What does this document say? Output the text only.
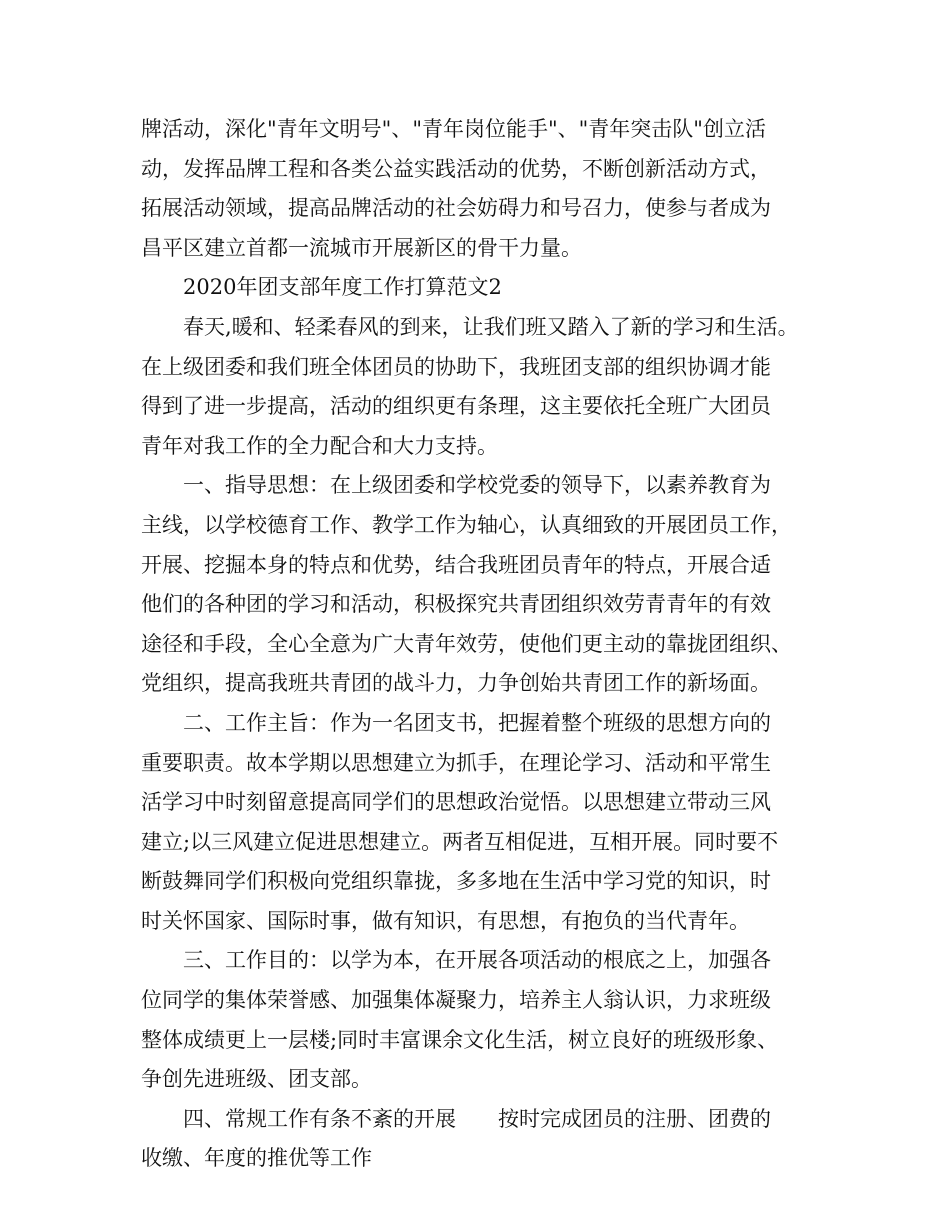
牌活动，深化"青年文明号"、"青年岗位能手"、"青年突击队"创立活
动，发挥品牌工程和各类公益实践活动的优势，不断创新活动方式，
拓展活动领域，提高品牌活动的社会妨碍力和号召力，使参与者成为
昌平区建立首都一流城市开展新区的骨干力量。
2020年团支部年度工作打算范文2
春天,暖和、轻柔春风的到来，让我们班又踏入了新的学习和生活。
在上级团委和我们班全体团员的协助下，我班团支部的组织协调才能
得到了进一步提高，活动的组织更有条理，这主要依托全班广大团员
青年对我工作的全力配合和大力支持。
一、指导思想：在上级团委和学校党委的领导下，以素养教育为
主线，以学校德育工作、教学工作为轴心，认真细致的开展团员工作，
开展、挖掘本身的特点和优势，结合我班团员青年的特点，开展合适
他们的各种团的学习和活动，积极探究共青团组织效劳青青年的有效
途径和手段，全心全意为广大青年效劳，使他们更主动的靠拢团组织、
党组织，提高我班共青团的战斗力，力争创始共青团工作的新场面。
二、工作主旨：作为一名团支书，把握着整个班级的思想方向的
重要职责。故本学期以思想建立为抓手，在理论学习、活动和平常生
活学习中时刻留意提高同学们的思想政治觉悟。以思想建立带动三风
建立;以三风建立促进思想建立。两者互相促进，互相开展。同时要不
断鼓舞同学们积极向党组织靠拢，多多地在生活中学习党的知识，时
时关怀国家、国际时事，做有知识，有思想，有抱负的当代青年。
三、工作目的：以学为本，在开展各项活动的根底之上，加强各
位同学的集体荣誉感、加强集体凝聚力，培养主人翁认识，力求班级
整体成绩更上一层楼;同时丰富课余文化生活，树立良好的班级形象、
争创先进班级、团支部。
四、常规工作有条不紊的开展　　按时完成团员的注册、团费的
收缴、年度的推优等工作
